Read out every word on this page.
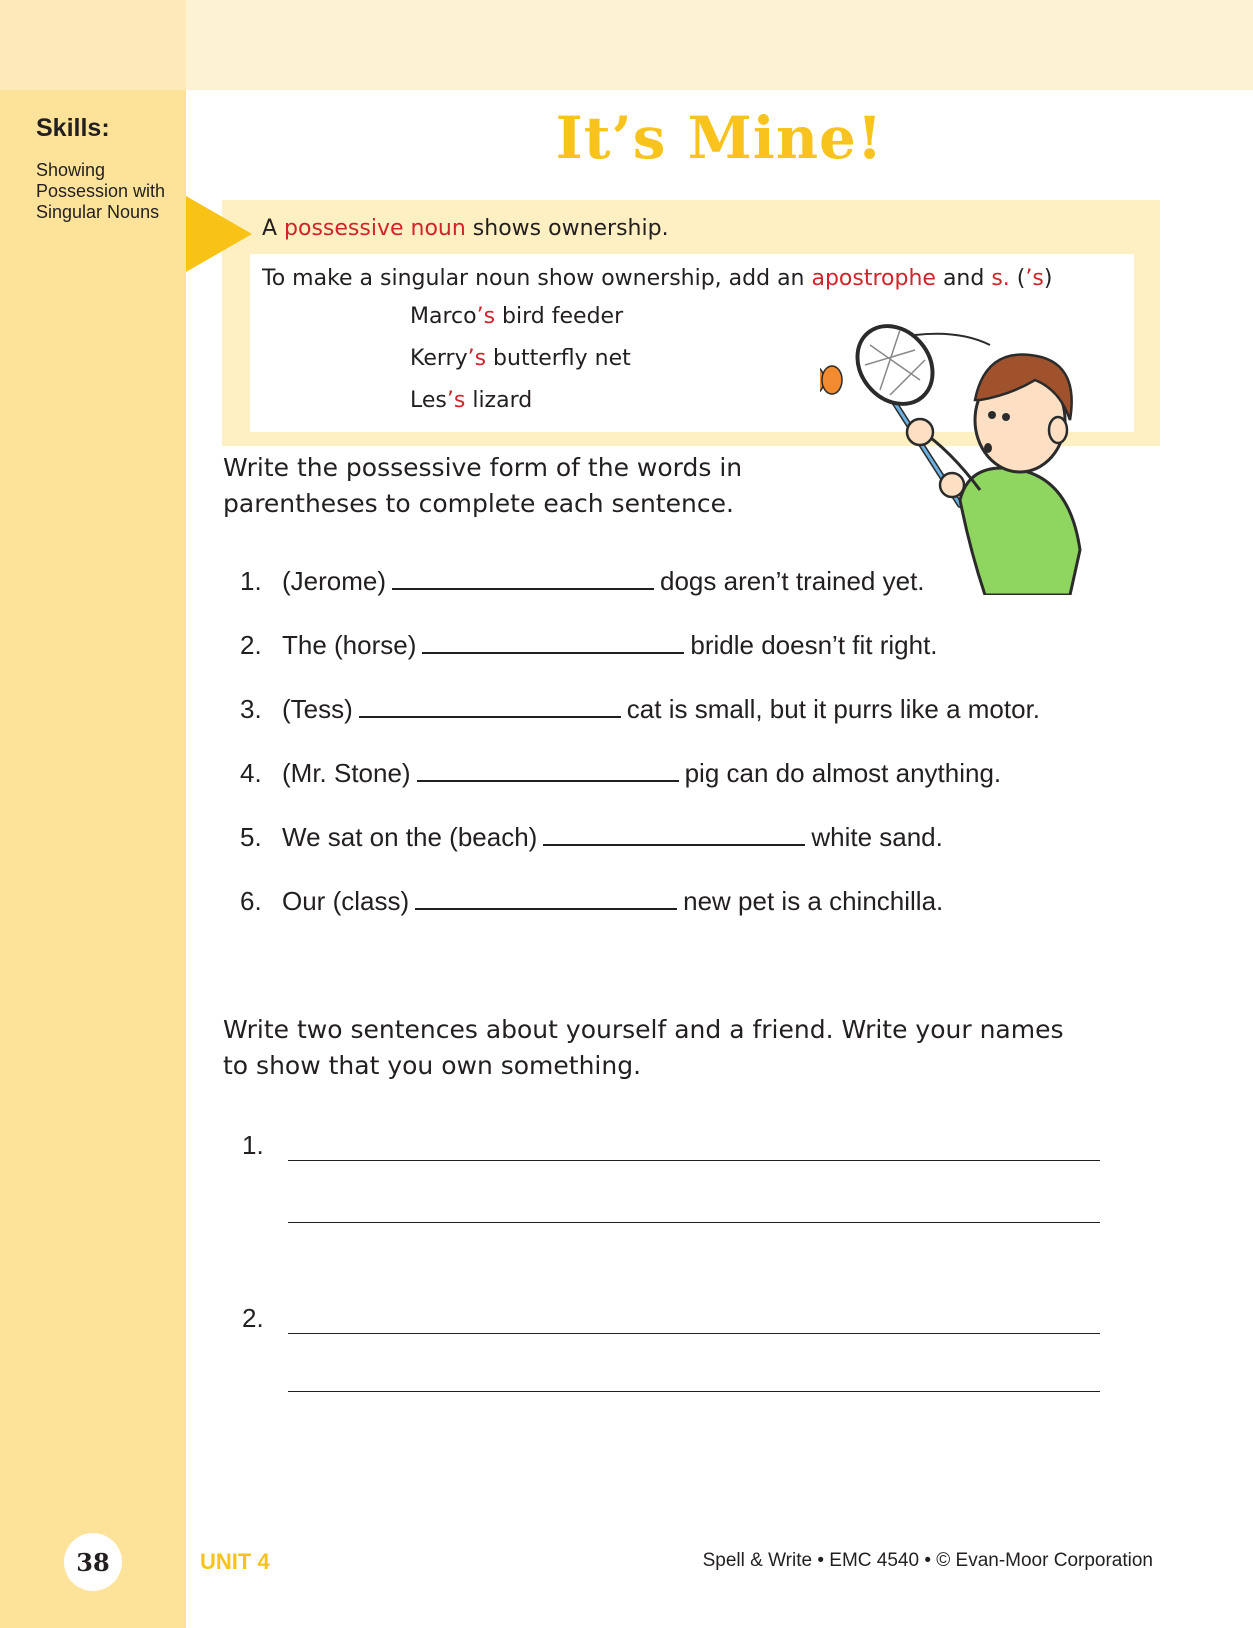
Skills:
Showing Possession with Singular Nouns
It’s Mine!
A possessive noun shows ownership.
To make a singular noun show ownership, add an apostrophe and s. (’s)
Marco’s bird feeder
Kerry’s butterfly net
Les’s lizard
Write the possessive form of the words in parentheses to complete each sentence.
1. (Jerome)	dogs aren’t trained yet.
2. The (horse)	bridle doesn’t fit right.
3. (Tess)	cat is small, but it purrs like a motor.
4. (Mr. Stone)	pig can do almost anything.
5. We sat on the (beach)	white sand.
6. Our (class)	new pet is a chinchilla.
Write two sentences about yourself and a friend. Write your names to show that you own something.
1.
2.
38	UNIT 4	Spell & Write • EMC 4540 • © Evan-Moor Corporation
